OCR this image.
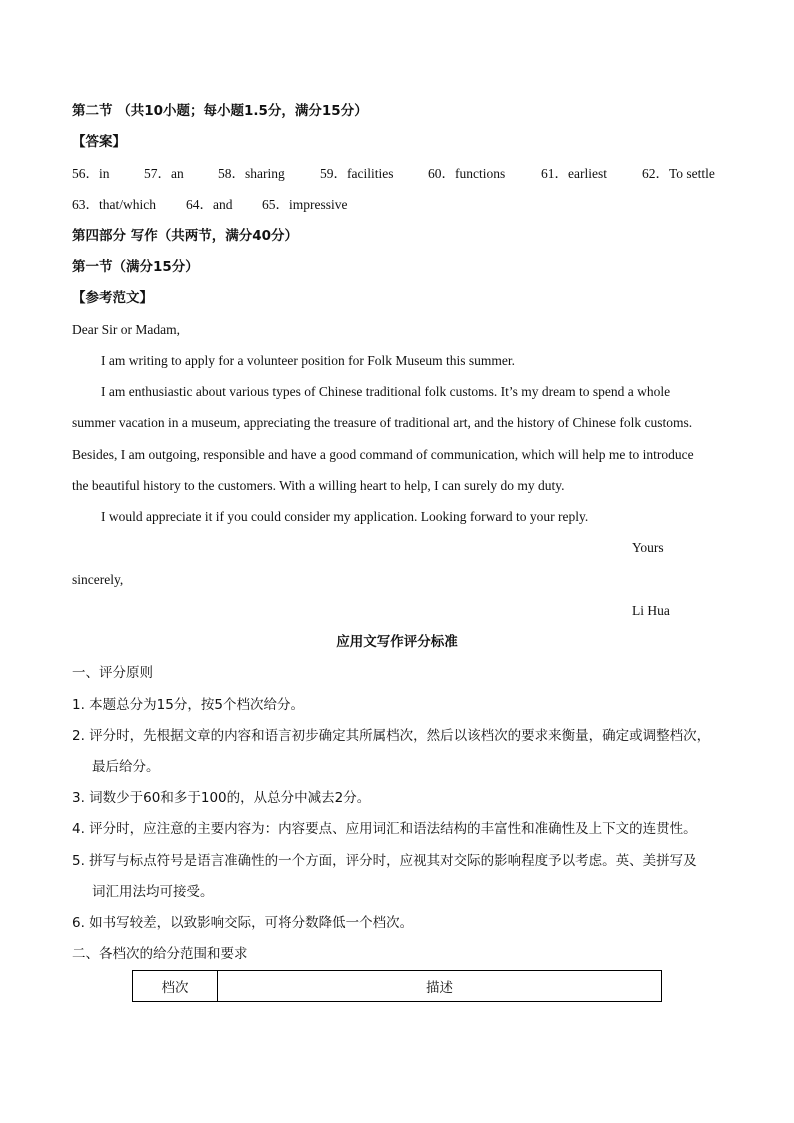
第二节 （共10小题；每小题1.5分，满分15分）
【答案】
56．in	57．an	58．sharing	59．facilities	60．functions	61．earliest	62．To settle
63．that/which 64．and 65．impressive
第四部分 写作（共两节，满分40分）
第一节（满分15分）
【参考范文】
Dear Sir or Madam,
I am writing to apply for a volunteer position for Folk Museum this summer.
I am enthusiastic about various types of Chinese traditional folk customs. It’s my dream to spend a whole
summer vacation in a museum, appreciating the treasure of traditional art, and the history of Chinese folk customs.
Besides, I am outgoing, responsible and have a good command of communication, which will help me to introduce
the beautiful history to the customers. With a willing heart to help, I can surely do my duty.
I would appreciate it if you could consider my application. Looking forward to your reply.
Yours
sincerely,
Li Hua
应用文写作评分标准
一、评分原则
1. 本题总分为15分，按5个档次给分。
2. 评分时，先根据文章的内容和语言初步确定其所属档次，然后以该档次的要求来衡量，确定或调整档次，
最后给分。
3. 词数少于60和多于100的，从总分中减去2分。
4. 评分时，应注意的主要内容为：内容要点、应用词汇和语法结构的丰富性和准确性及上下文的连贯性。
5. 拼写与标点符号是语言准确性的一个方面，评分时，应视其对交际的影响程度予以考虑。英、美拼写及
词汇用法均可接受。
6. 如书写较差，以致影响交际，可将分数降低一个档次。
二、各档次的给分范围和要求
档次	描述
